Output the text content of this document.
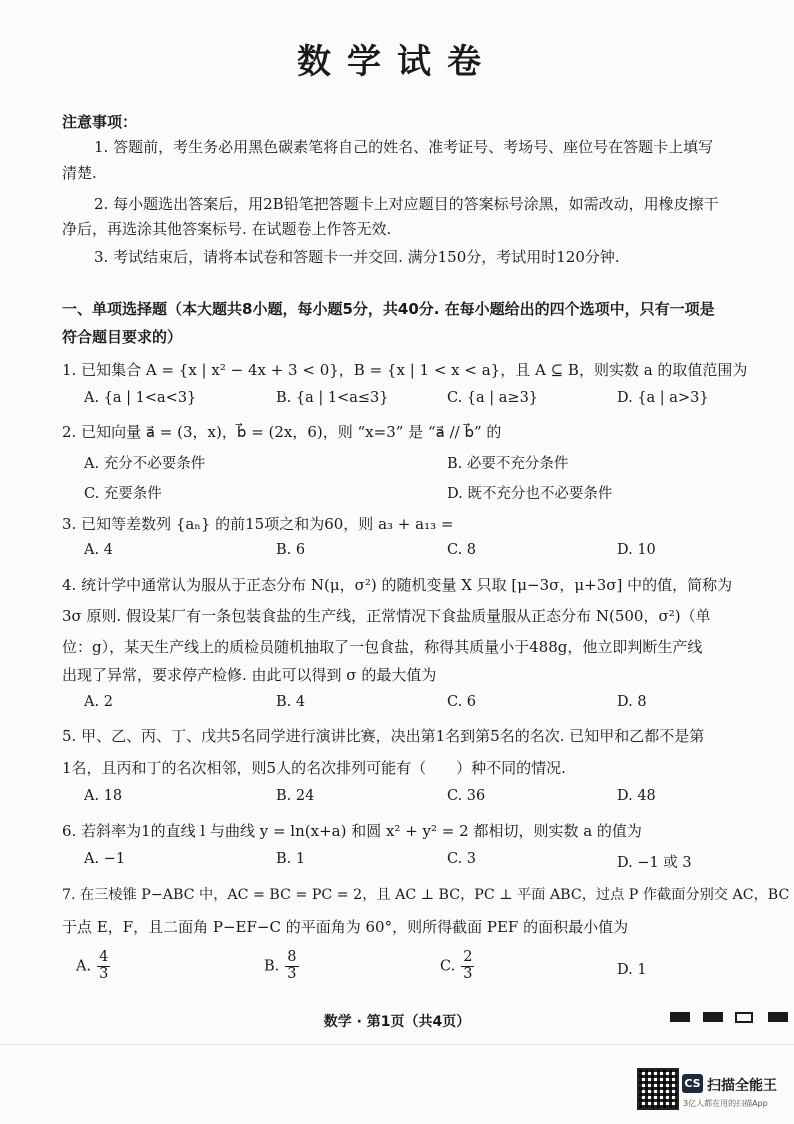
数学试卷
注意事项：
1. 答题前，考生务必用黑色碳素笔将自己的姓名、准考证号、考场号、座位号在答题卡上填写
清楚.
2. 每小题选出答案后，用2B铅笔把答题卡上对应题目的答案标号涂黑，如需改动，用橡皮擦干
净后，再选涂其他答案标号. 在试题卷上作答无效.
3. 考试结束后，请将本试卷和答题卡一并交回. 满分150分，考试用时120分钟.
一、单项选择题（本大题共8小题，每小题5分，共40分. 在每小题给出的四个选项中，只有一项是
符合题目要求的）
1. 已知集合 A = {x | x² − 4x + 3 < 0}，B = {x | 1 < x < a}，且 A ⊆ B，则实数 a 的取值范围为
A. {a | 1<a<3}	B. {a | 1<a≤3}	C. {a | a≥3}	D. {a | a>3}
2. 已知向量 a⃗ = (3，x)，b⃗ = (2x，6)，则 “x=3” 是 “a⃗ // b⃗” 的
A. 充分不必要条件	B. 必要不充分条件
C. 充要条件	D. 既不充分也不必要条件
3. 已知等差数列 {aₙ} 的前15项之和为60，则 a₃ + a₁₃ =
A. 4	B. 6	C. 8	D. 10
4. 统计学中通常认为服从于正态分布 N(μ，σ²) 的随机变量 X 只取 [μ−3σ，μ+3σ] 中的值，简称为
3σ 原则. 假设某厂有一条包装食盐的生产线，正常情况下食盐质量服从正态分布 N(500，σ²)（单
位：g），某天生产线上的质检员随机抽取了一包食盐，称得其质量小于488g，他立即判断生产线
出现了异常，要求停产检修. 由此可以得到 σ 的最大值为
A. 2	B. 4	C. 6	D. 8
5. 甲、乙、丙、丁、戊共5名同学进行演讲比赛，决出第1名到第5名的名次. 已知甲和乙都不是第
1名，且丙和丁的名次相邻，则5人的名次排列可能有（　　）种不同的情况.
A. 18	B. 24	C. 36	D. 48
6. 若斜率为1的直线 l 与曲线 y = ln(x+a) 和圆 x² + y² = 2 都相切，则实数 a 的值为
A. −1	B. 1	C. 3	D. −1 或 3
7. 在三棱锥 P−ABC 中，AC = BC = PC = 2，且 AC ⊥ BC，PC ⊥ 平面 ABC，过点 P 作截面分别交 AC，BC
于点 E，F，且二面角 P−EF−C 的平面角为 60°，则所得截面 PEF 的面积最小值为
A. $\frac{4}{3}$	B. $\frac{8}{3}$	C. $\frac{2}{3}$	D. 1
数学 · 第1页（共4页）
CS 扫描全能王
3亿人都在用的扫描App
